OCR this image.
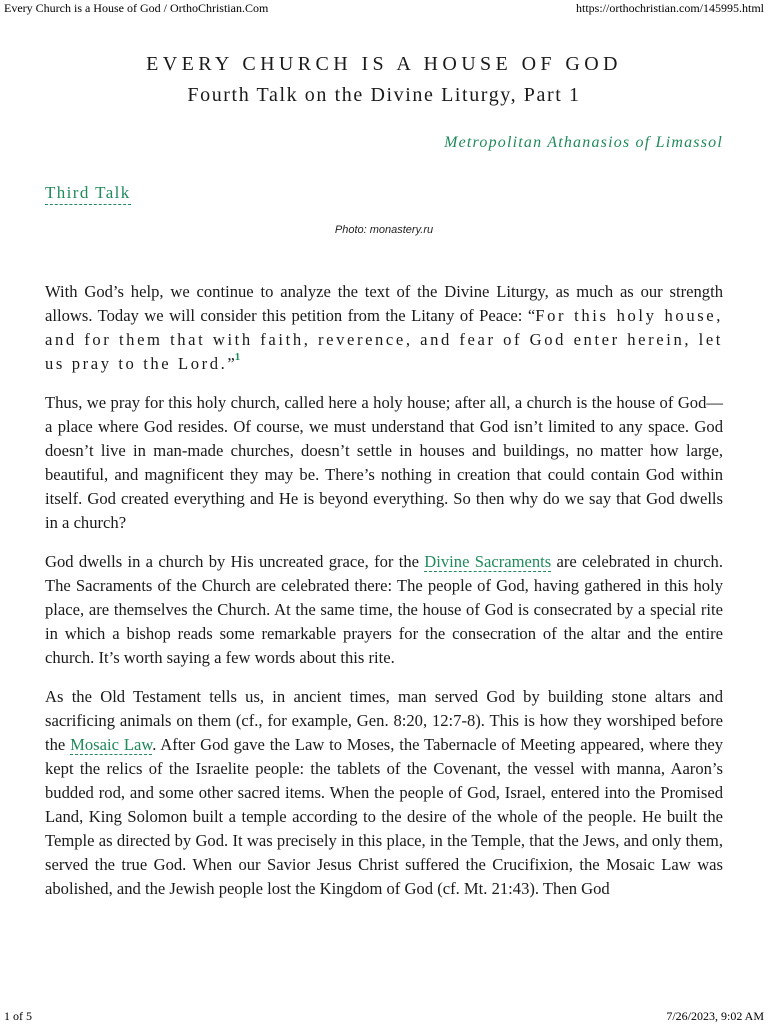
Every Church is a House of God / OrthoChristian.Com	https://orthochristian.com/145995.html
EVERY CHURCH IS A HOUSE OF GOD
Fourth Talk on the Divine Liturgy, Part 1
Metropolitan Athanasios of Limassol
Third Talk
Photo: monastery.ru

With God’s help, we continue to analyze the text of the Divine Liturgy, as much as our strength allows. Today we will consider this petition from the Litany of Peace: “For this holy house, and for them that with faith, reverence, and fear of God enter herein, let us pray to the Lord.”$^1$

Thus, we pray for this holy church, called here a holy house; after all, a church is the house of God—a place where God resides. Of course, we must understand that God isn’t limited to any space. God doesn’t live in man-made churches, doesn’t settle in houses and buildings, no matter how large, beautiful, and magnificent they may be. There’s nothing in creation that could contain God within itself. God created everything and He is beyond everything. So then why do we say that God dwells in a church?

God dwells in a church by His uncreated grace, for the Divine Sacraments are celebrated in church. The Sacraments of the Church are celebrated there: The people of God, having gathered in this holy place, are themselves the Church. At the same time, the house of God is consecrated by a special rite in which a bishop reads some remarkable prayers for the consecration of the altar and the entire church. It’s worth saying a few words about this rite.

As the Old Testament tells us, in ancient times, man served God by building stone altars and sacrificing animals on them (cf., for example, Gen. 8:20, 12:7-8). This is how they worshiped before the Mosaic Law. After God gave the Law to Moses, the Tabernacle of Meeting appeared, where they kept the relics of the Israelite people: the tablets of the Covenant, the vessel with manna, Aaron’s budded rod, and some other sacred items. When the people of God, Israel, entered into the Promised Land, King Solomon built a temple according to the desire of the whole of the people. He built the Temple as directed by God. It was precisely in this place, in the Temple, that the Jews, and only them, served the true God. When our Savior Jesus Christ suffered the Crucifixion, the Mosaic Law was abolished, and the Jewish people lost the Kingdom of God (cf. Mt. 21:43). Then God

1 of 5	7/26/2023, 9:02 AM
